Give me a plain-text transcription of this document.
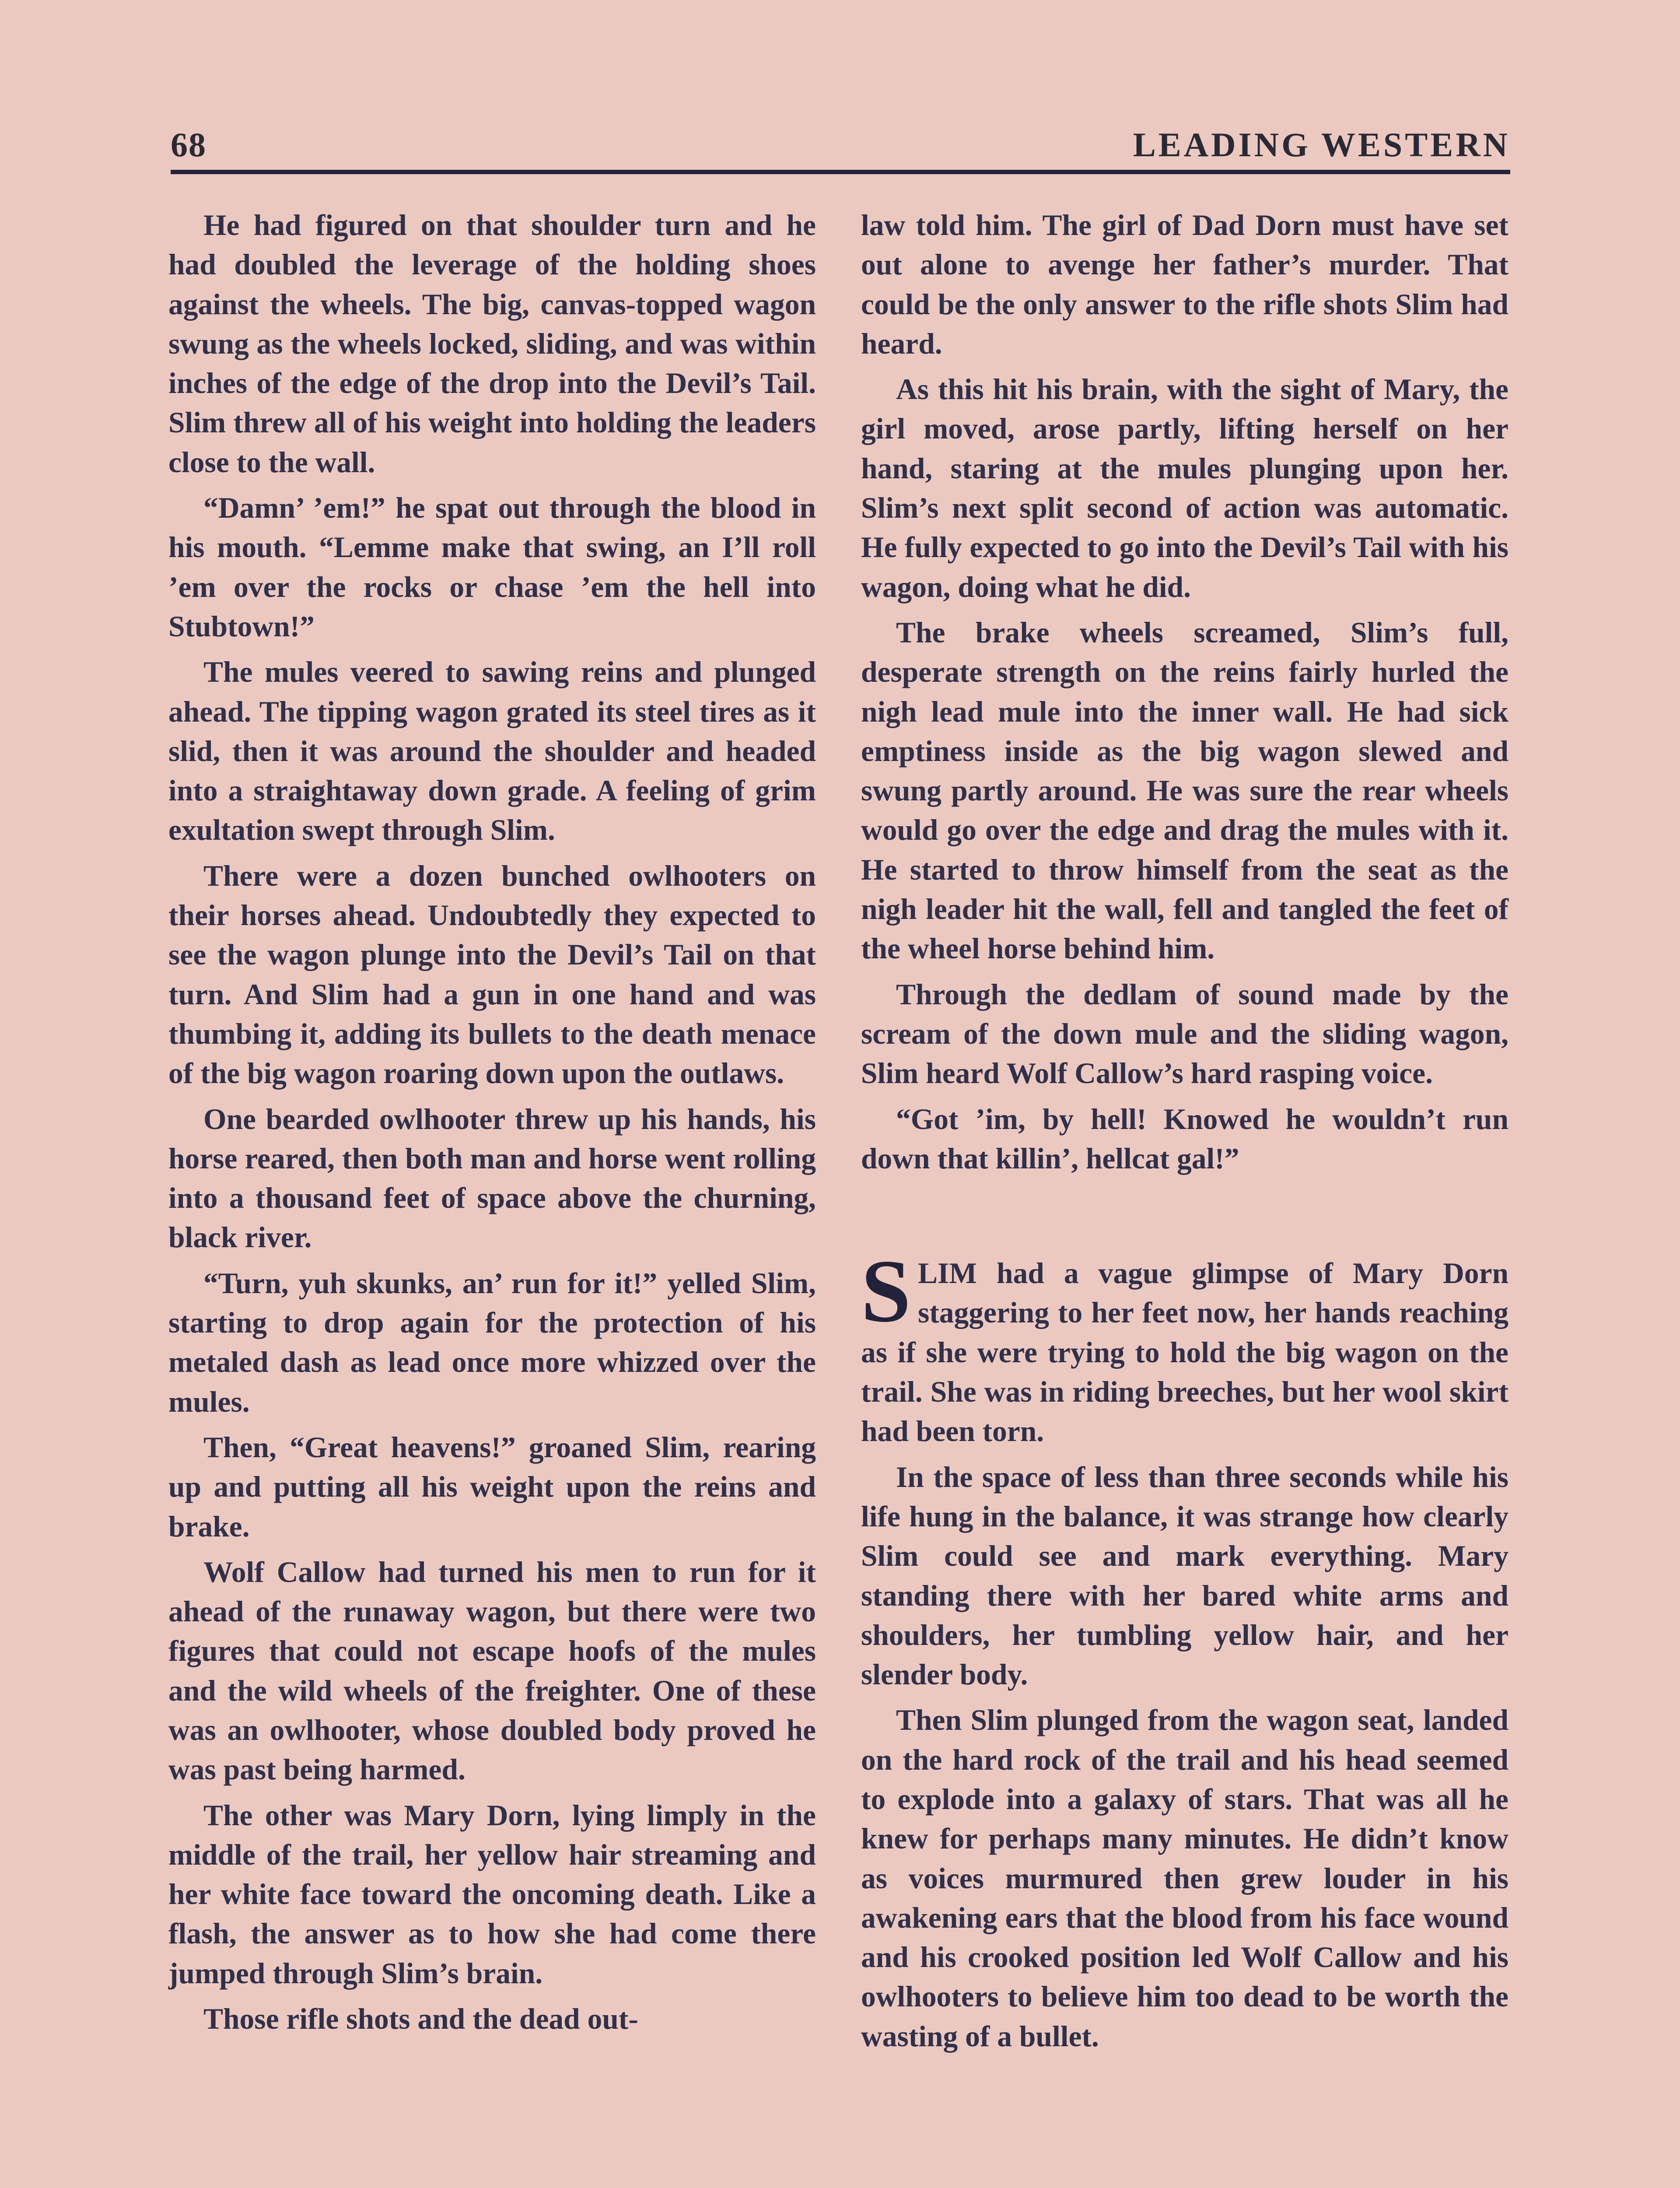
68	LEADING WESTERN

He had figured on that shoulder turn and he had doubled the leverage of the holding shoes against the wheels. The big, canvas-topped wagon swung as the wheels locked, sliding, and was within inches of the edge of the drop into the Devil’s Tail. Slim threw all of his weight into holding the leaders close to the wall.

“Damn’ ’em!” he spat out through the blood in his mouth. “Lemme make that swing, an I’ll roll ’em over the rocks or chase ’em the hell into Stubtown!”

The mules veered to sawing reins and plunged ahead. The tipping wagon grated its steel tires as it slid, then it was around the shoulder and headed into a straightaway down grade. A feeling of grim exultation swept through Slim.

There were a dozen bunched owlhooters on their horses ahead. Undoubtedly they expected to see the wagon plunge into the Devil’s Tail on that turn. And Slim had a gun in one hand and was thumbing it, adding its bullets to the death menace of the big wagon roaring down upon the outlaws.

One bearded owlhooter threw up his hands, his horse reared, then both man and horse went rolling into a thousand feet of space above the churning, black river.

“Turn, yuh skunks, an’ run for it!” yelled Slim, starting to drop again for the protection of his metaled dash as lead once more whizzed over the mules.

Then, “Great heavens!” groaned Slim, rearing up and putting all his weight upon the reins and brake.

Wolf Callow had turned his men to run for it ahead of the runaway wagon, but there were two figures that could not escape hoofs of the mules and the wild wheels of the freighter. One of these was an owlhooter, whose doubled body proved he was past being harmed.

The other was Mary Dorn, lying limply in the middle of the trail, her yellow hair streaming and her white face toward the oncoming death. Like a flash, the answer as to how she had come there jumped through Slim’s brain.

Those rifle shots and the dead out-

law told him. The girl of Dad Dorn must have set out alone to avenge her father’s murder. That could be the only answer to the rifle shots Slim had heard.

As this hit his brain, with the sight of Mary, the girl moved, arose partly, lifting herself on her hand, staring at the mules plunging upon her. Slim’s next split second of action was automatic. He fully expected to go into the Devil’s Tail with his wagon, doing what he did.

The brake wheels screamed, Slim’s full, desperate strength on the reins fairly hurled the nigh lead mule into the inner wall. He had sick emptiness inside as the big wagon slewed and swung partly around. He was sure the rear wheels would go over the edge and drag the mules with it. He started to throw himself from the seat as the nigh leader hit the wall, fell and tangled the feet of the wheel horse behind him.

Through the dedlam of sound made by the scream of the down mule and the sliding wagon, Slim heard Wolf Callow’s hard rasping voice.

“Got ’im, by hell! Knowed he wouldn’t run down that killin’, hellcat gal!”

SLIM had a vague glimpse of Mary Dorn staggering to her feet now, her hands reaching as if she were trying to hold the big wagon on the trail. She was in riding breeches, but her wool skirt had been torn.

In the space of less than three seconds while his life hung in the balance, it was strange how clearly Slim could see and mark everything. Mary standing there with her bared white arms and shoulders, her tumbling yellow hair, and her slender body.

Then Slim plunged from the wagon seat, landed on the hard rock of the trail and his head seemed to explode into a galaxy of stars. That was all he knew for perhaps many minutes. He didn’t know as voices murmured then grew louder in his awakening ears that the blood from his face wound and his crooked position led Wolf Callow and his owlhooters to believe him too dead to be worth the wasting of a bullet.
